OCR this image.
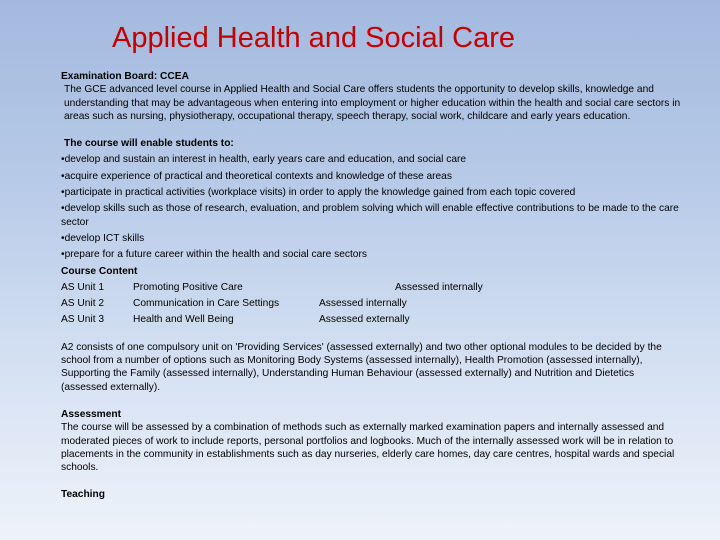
Applied Health and Social Care

Examination Board: CCEA

The GCE advanced level course in Applied Health and Social Care offers students the opportunity to develop skills, knowledge and understanding that may be advantageous when entering into employment or higher education within the health and social care sectors in areas such as nursing, physiotherapy, occupational therapy, speech therapy, social work, childcare and early years education.

The course will enable students to:

•develop and sustain an interest in health, early years care and education, and social care

•acquire experience of practical and theoretical contexts and knowledge of these areas

•participate in practical activities (workplace visits) in order to apply the knowledge gained from each topic covered

•develop skills such as those of research, evaluation, and problem solving which will enable effective contributions to be made to the care sector

•develop ICT skills

•prepare for a future career within the health and social care sectors

Course Content

AS Unit 1	Promoting Positive Care	Assessed internally
AS Unit 2	Communication in Care Settings	Assessed internally
AS Unit 3	Health and Well Being	Assessed externally

A2 consists of one compulsory unit on 'Providing Services' (assessed externally) and two other optional modules to be decided by the school from a number of options such as Monitoring Body Systems (assessed internally), Health Promotion (assessed internally), Supporting the Family (assessed internally), Understanding Human Behaviour (assessed externally) and Nutrition and Dietetics (assessed externally).

Assessment

The course will be assessed by a combination of methods such as externally marked examination papers and internally assessed and moderated pieces of work to include reports, personal portfolios and logbooks. Much of the internally assessed work will be in relation to placements in the community in establishments such as day nurseries, elderly care homes, day care centres, hospital wards and special schools.

Teaching
